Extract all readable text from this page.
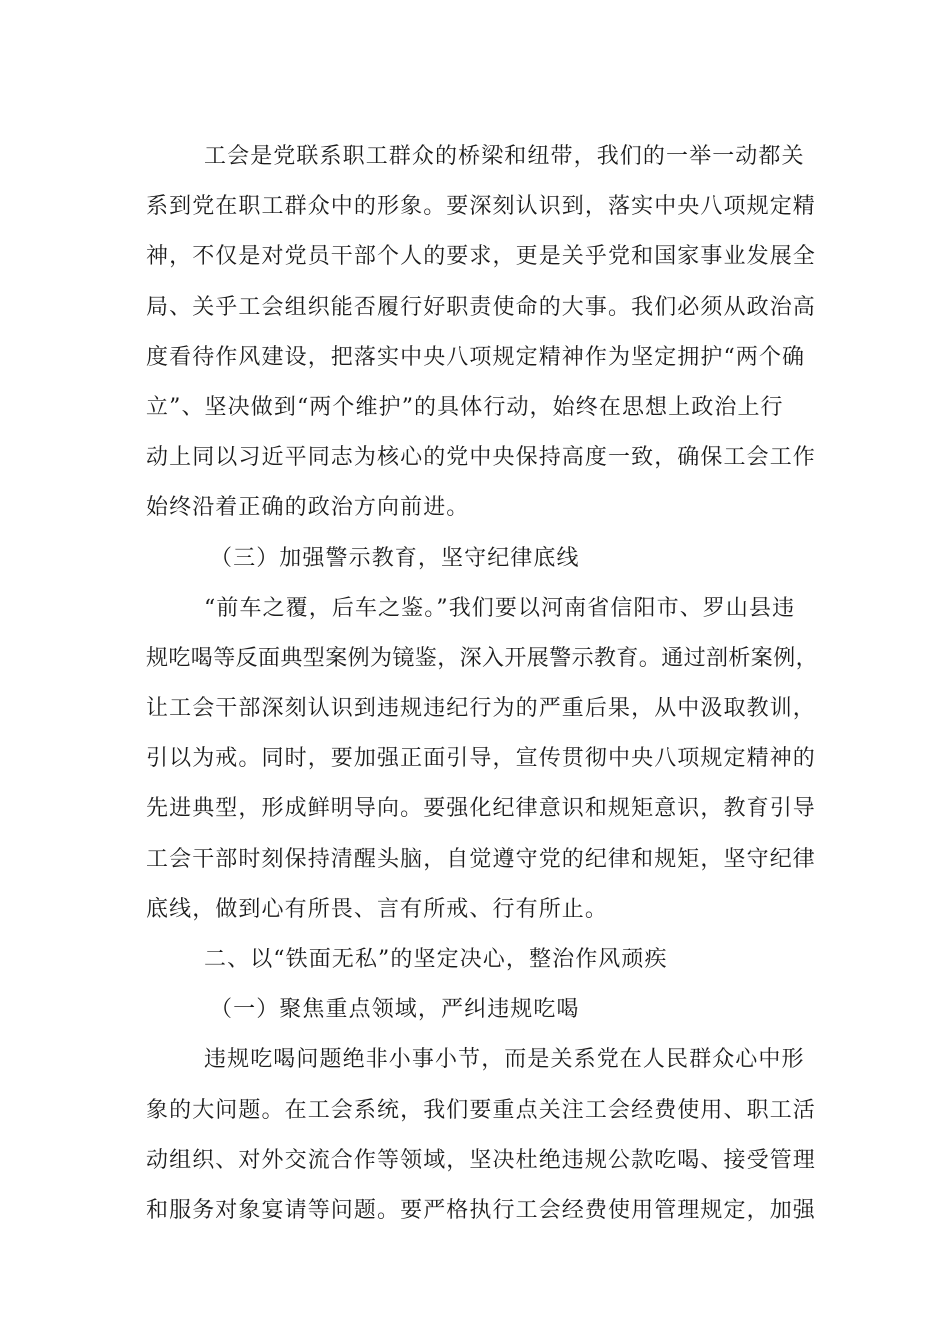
工会是党联系职工群众的桥梁和纽带，我们的一举一动都关
系到党在职工群众中的形象。要深刻认识到，落实中央八项规定精
神，不仅是对党员干部个人的要求，更是关乎党和国家事业发展全
局、关乎工会组织能否履行好职责使命的大事。我们必须从政治高
度看待作风建设，把落实中央八项规定精神作为坚定拥护“两个确
立”、坚决做到“两个维护”的具体行动，始终在思想上政治上行
动上同以习近平同志为核心的党中央保持高度一致，确保工会工作
始终沿着正确的政治方向前进。
（三）加强警示教育，坚守纪律底线
“前车之覆，后车之鉴。”我们要以河南省信阳市、罗山县违
规吃喝等反面典型案例为镜鉴，深入开展警示教育。通过剖析案例，
让工会干部深刻认识到违规违纪行为的严重后果，从中汲取教训，
引以为戒。同时，要加强正面引导，宣传贯彻中央八项规定精神的
先进典型，形成鲜明导向。要强化纪律意识和规矩意识，教育引导
工会干部时刻保持清醒头脑，自觉遵守党的纪律和规矩，坚守纪律
底线，做到心有所畏、言有所戒、行有所止。
二、以“铁面无私”的坚定决心，整治作风顽疾
（一）聚焦重点领域，严纠违规吃喝
违规吃喝问题绝非小事小节，而是关系党在人民群众心中形
象的大问题。在工会系统，我们要重点关注工会经费使用、职工活
动组织、对外交流合作等领域，坚决杜绝违规公款吃喝、接受管理
和服务对象宴请等问题。要严格执行工会经费使用管理规定，加强
